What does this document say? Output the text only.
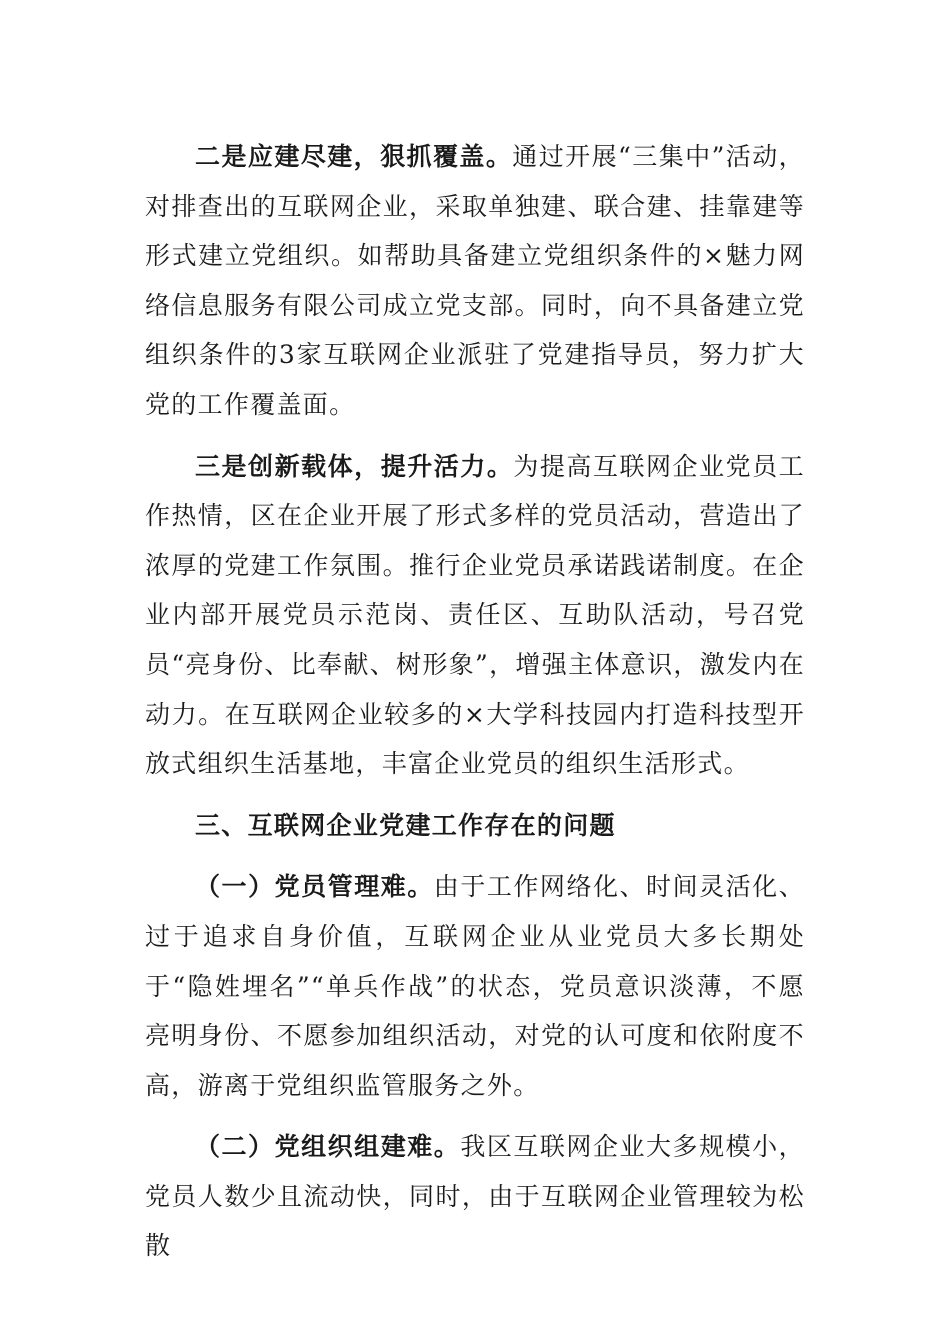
二是应建尽建，狠抓覆盖。通过开展“三集中”活动，对排查出的互联网企业，采取单独建、联合建、挂靠建等形式建立党组织。如帮助具备建立党组织条件的×魅力网络信息服务有限公司成立党支部。同时，向不具备建立党组织条件的3家互联网企业派驻了党建指导员，努力扩大党的工作覆盖面。

三是创新载体，提升活力。为提高互联网企业党员工作热情，区在企业开展了形式多样的党员活动，营造出了浓厚的党建工作氛围。推行企业党员承诺践诺制度。在企业内部开展党员示范岗、责任区、互助队活动，号召党员“亮身份、比奉献、树形象”，增强主体意识，激发内在动力。在互联网企业较多的×大学科技园内打造科技型开放式组织生活基地，丰富企业党员的组织生活形式。

三、互联网企业党建工作存在的问题

（一）党员管理难。由于工作网络化、时间灵活化、过于追求自身价值，互联网企业从业党员大多长期处于“隐姓埋名”“单兵作战”的状态，党员意识淡薄，不愿亮明身份、不愿参加组织活动，对党的认可度和依附度不高，游离于党组织监管服务之外。

（二）党组织组建难。我区互联网企业大多规模小，党员人数少且流动快，同时，由于互联网企业管理较为松散
